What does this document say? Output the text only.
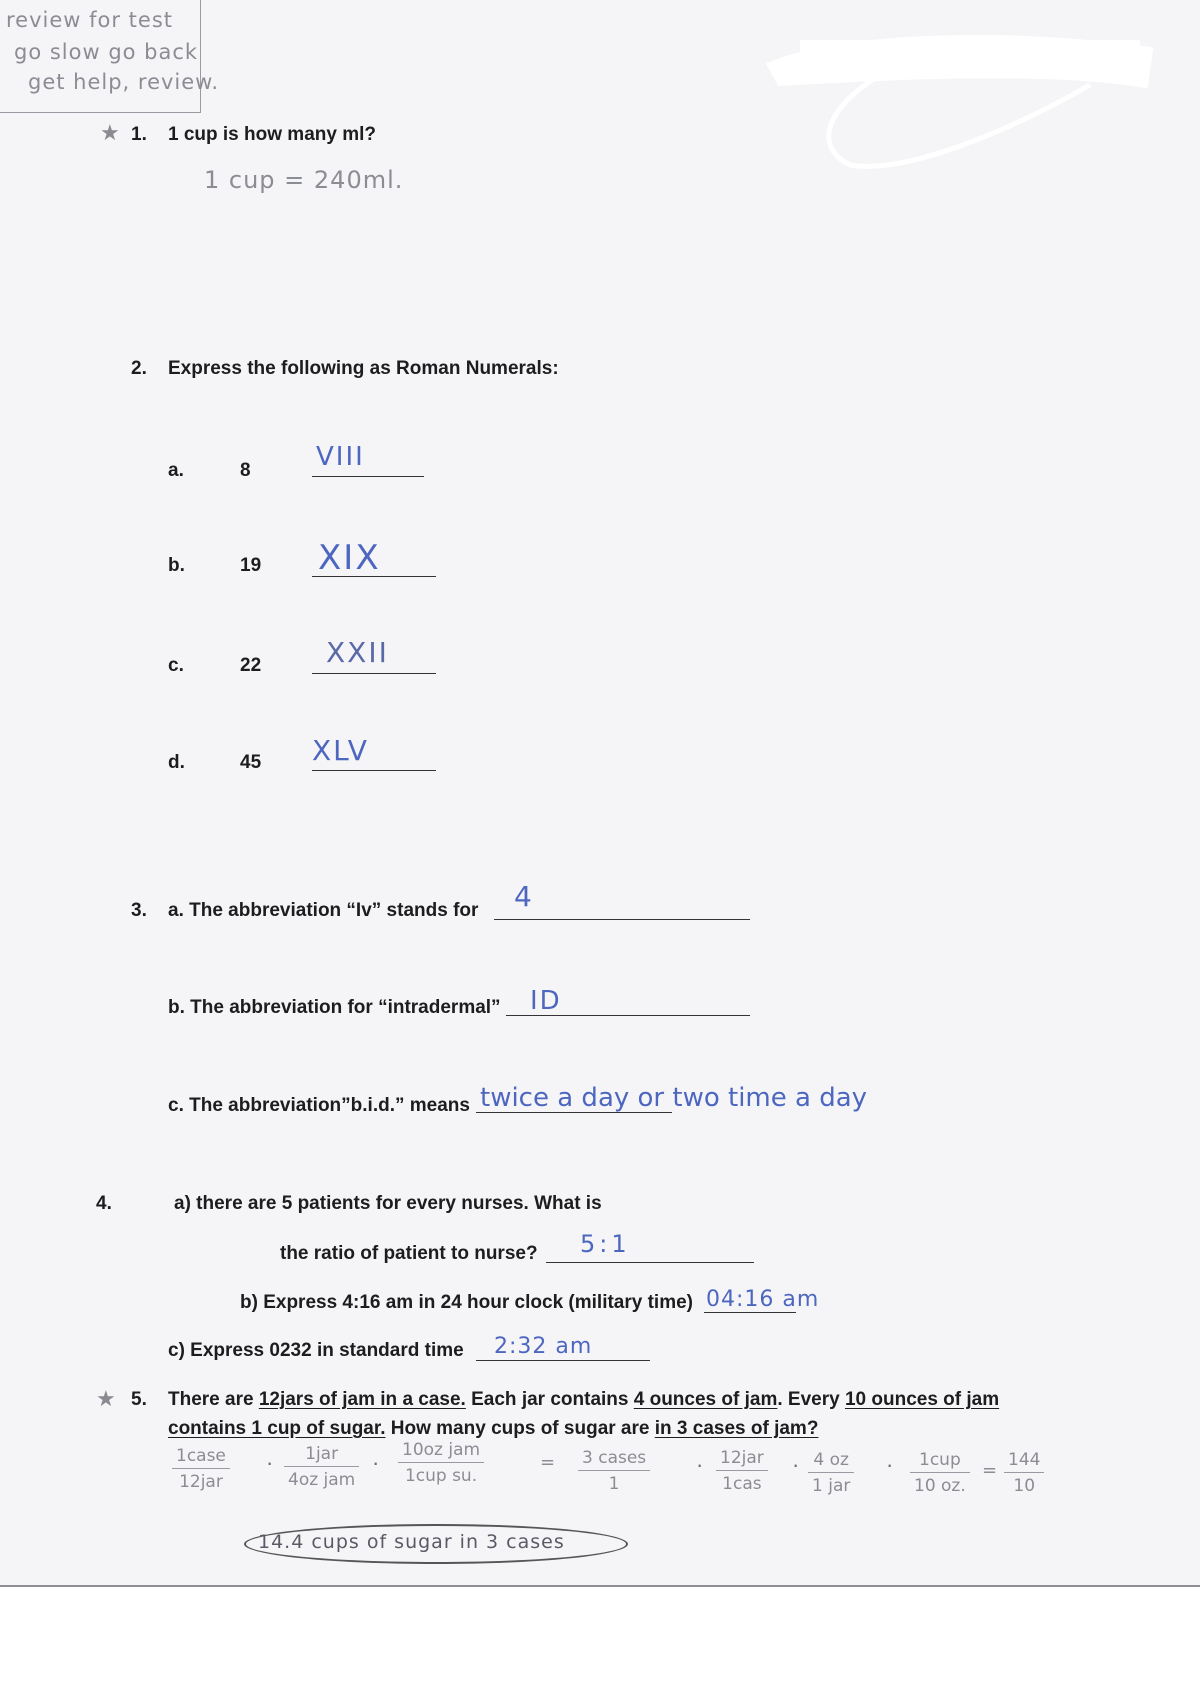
review for test
go slow go back
get help, review.
★ 1. 1 cup is how many ml?
1 cup = 240ml.
2. Express the following as Roman Numerals:
a.	8	VIII
b.	19 XIX
c.	22 XXII
d.	45 XLV
3. a. The abbreviation “Iv” stands for 4
b. The abbreviation for “intradermal” ID
c. The abbreviation”b.i.d.” means twice a day or two time a day
4.	a) there are 5 patients for every nurses. What is
the ratio of patient to nurse? 5:1
b) Express 4:16 am in 24 hour clock (military time) 04:16 am
c) Express 0232 in standard time 2:32 am
★ 5. There are 12jars of jam in a case. Each jar contains 4 ounces of jam. Every 10 ounces of jam
contains 1 cup of sugar. How many cups of sugar are in 3 cases of jam?
1case
12jar
·	1jar
4oz jam
· 10oz jam
1cup su.
= 3 cases
1
· 12jar
1cas
· 4 oz
1 jar
·	1cup
10 oz.
= $\frac{144}{10}$
14.4 cups of sugar in 3 cases
